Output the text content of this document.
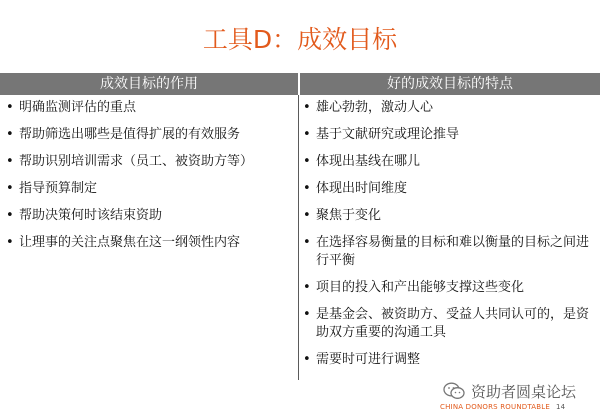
工具D：成效目标
成效目标的作用	好的成效目标的特点
• 明确监测评估的重点
• 帮助筛选出哪些是值得扩展的有效服务
• 帮助识别培训需求（员工、被资助方等）
• 指导预算制定
• 帮助决策何时该结束资助
• 让理事的关注点聚焦在这一纲领性内容
• 雄心勃勃，激动人心
• 基于文献研究或理论推导
• 体现出基线在哪儿
• 体现出时间维度
• 聚焦于变化
• 在选择容易衡量的目标和难以衡量的目标之间进行平衡
• 项目的投入和产出能够支撑这些变化
• 是基金会、被资助方、受益人共同认可的，是资助双方重要的沟通工具
• 需要时可进行调整
资助者圆桌论坛
CHINA DONORS ROUNDTABLE 14
